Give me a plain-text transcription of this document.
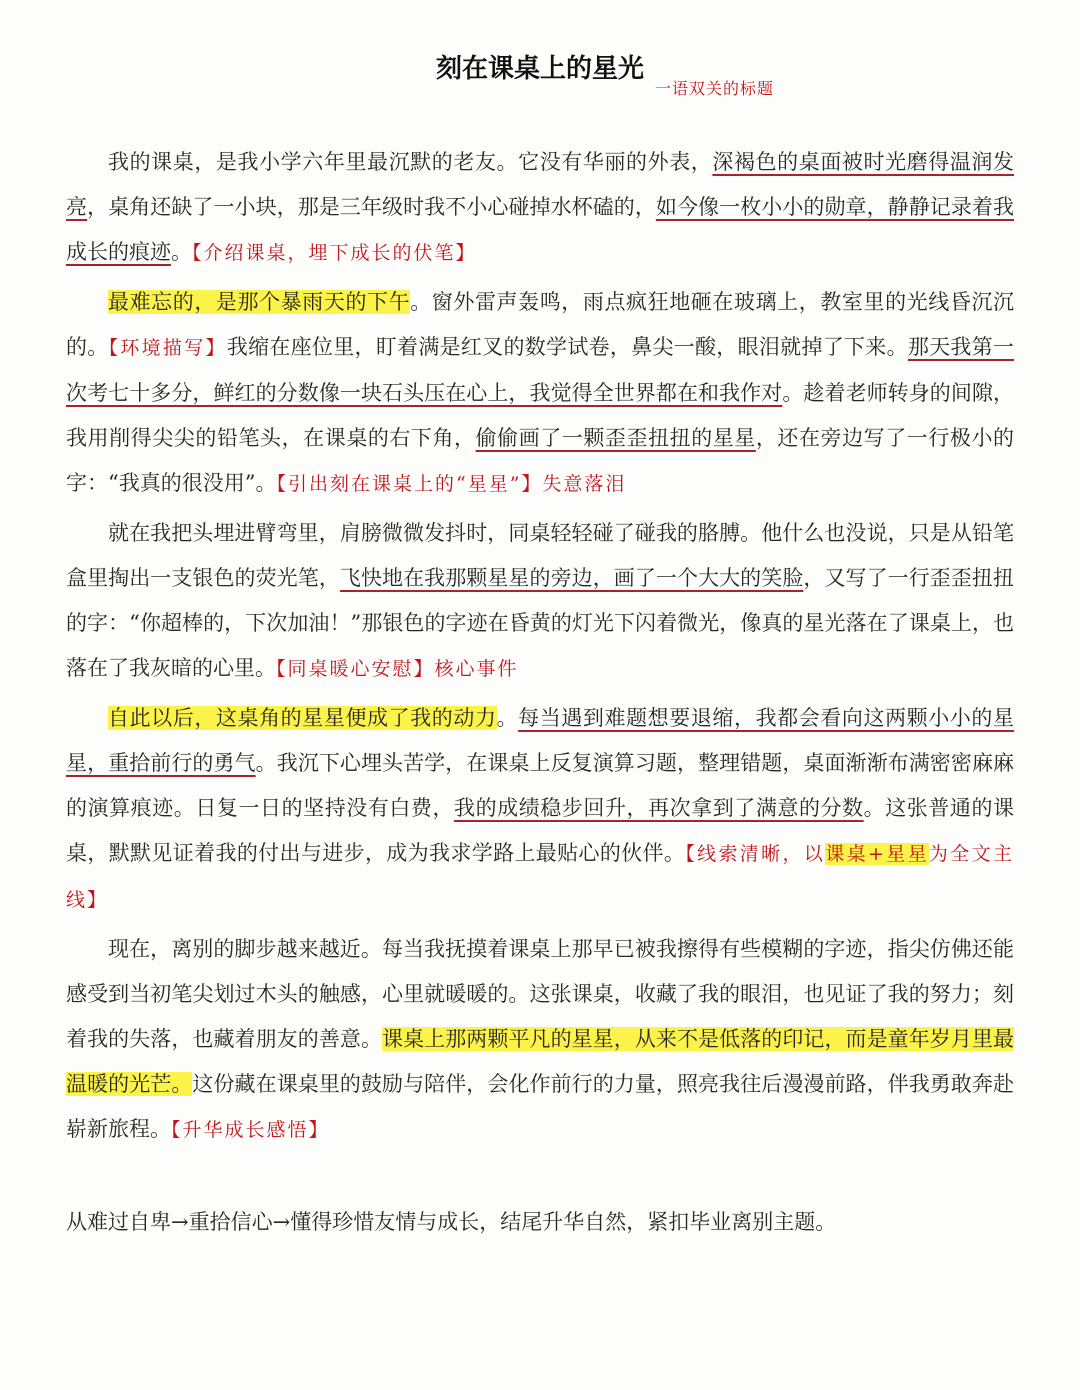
刻在课桌上的星光
一语双关的标题

我的课桌，是我小学六年里最沉默的老友。它没有华丽的外表，深褐色的桌面被时光磨得温润发亮，桌角还缺了一小块，那是三年级时我不小心碰掉水杯磕的，如今像一枚小小的勋章，静静记录着我成长的痕迹。【介绍课桌，埋下成长的伏笔】

最难忘的，是那个暴雨天的下午。窗外雷声轰鸣，雨点疯狂地砸在玻璃上，教室里的光线昏沉沉的。【环境描写】我缩在座位里，盯着满是红叉的数学试卷，鼻尖一酸，眼泪就掉了下来。那天我第一次考七十多分，鲜红的分数像一块石头压在心上，我觉得全世界都在和我作对。趁着老师转身的间隙，我用削得尖尖的铅笔头，在课桌的右下角，偷偷画了一颗歪歪扭扭的星星，还在旁边写了一行极小的字：“我真的很没用”。【引出刻在课桌上的“星星”】失意落泪

就在我把头埋进臂弯里，肩膀微微发抖时，同桌轻轻碰了碰我的胳膊。他什么也没说，只是从铅笔盒里掏出一支银色的荧光笔，飞快地在我那颗星星的旁边，画了一个大大的笑脸，又写了一行歪歪扭扭的字：“你超棒的，下次加油！”那银色的字迹在昏黄的灯光下闪着微光，像真的星光落在了课桌上，也落在了我灰暗的心里。【同桌暖心安慰】核心事件

自此以后，这桌角的星星便成了我的动力。每当遇到难题想要退缩，我都会看向这两颗小小的星星，重拾前行的勇气。我沉下心埋头苦学，在课桌上反复演算习题，整理错题，桌面渐渐布满密密麻麻的演算痕迹。日复一日的坚持没有白费，我的成绩稳步回升，再次拿到了满意的分数。这张普通的课桌，默默见证着我的付出与进步，成为我求学路上最贴心的伙伴。【线索清晰，以课桌+星星为全文主线】

现在，离别的脚步越来越近。每当我抚摸着课桌上那早已被我擦得有些模糊的字迹，指尖仿佛还能感受到当初笔尖划过木头的触感，心里就暖暖的。这张课桌，收藏了我的眼泪，也见证了我的努力；刻着我的失落，也藏着朋友的善意。课桌上那两颗平凡的星星，从来不是低落的印记，而是童年岁月里最温暖的光芒。这份藏在课桌里的鼓励与陪伴，会化作前行的力量，照亮我往后漫漫前路，伴我勇敢奔赴崭新旅程。【升华成长感悟】

从难过自卑→重拾信心→懂得珍惜友情与成长，结尾升华自然，紧扣毕业离别主题。
